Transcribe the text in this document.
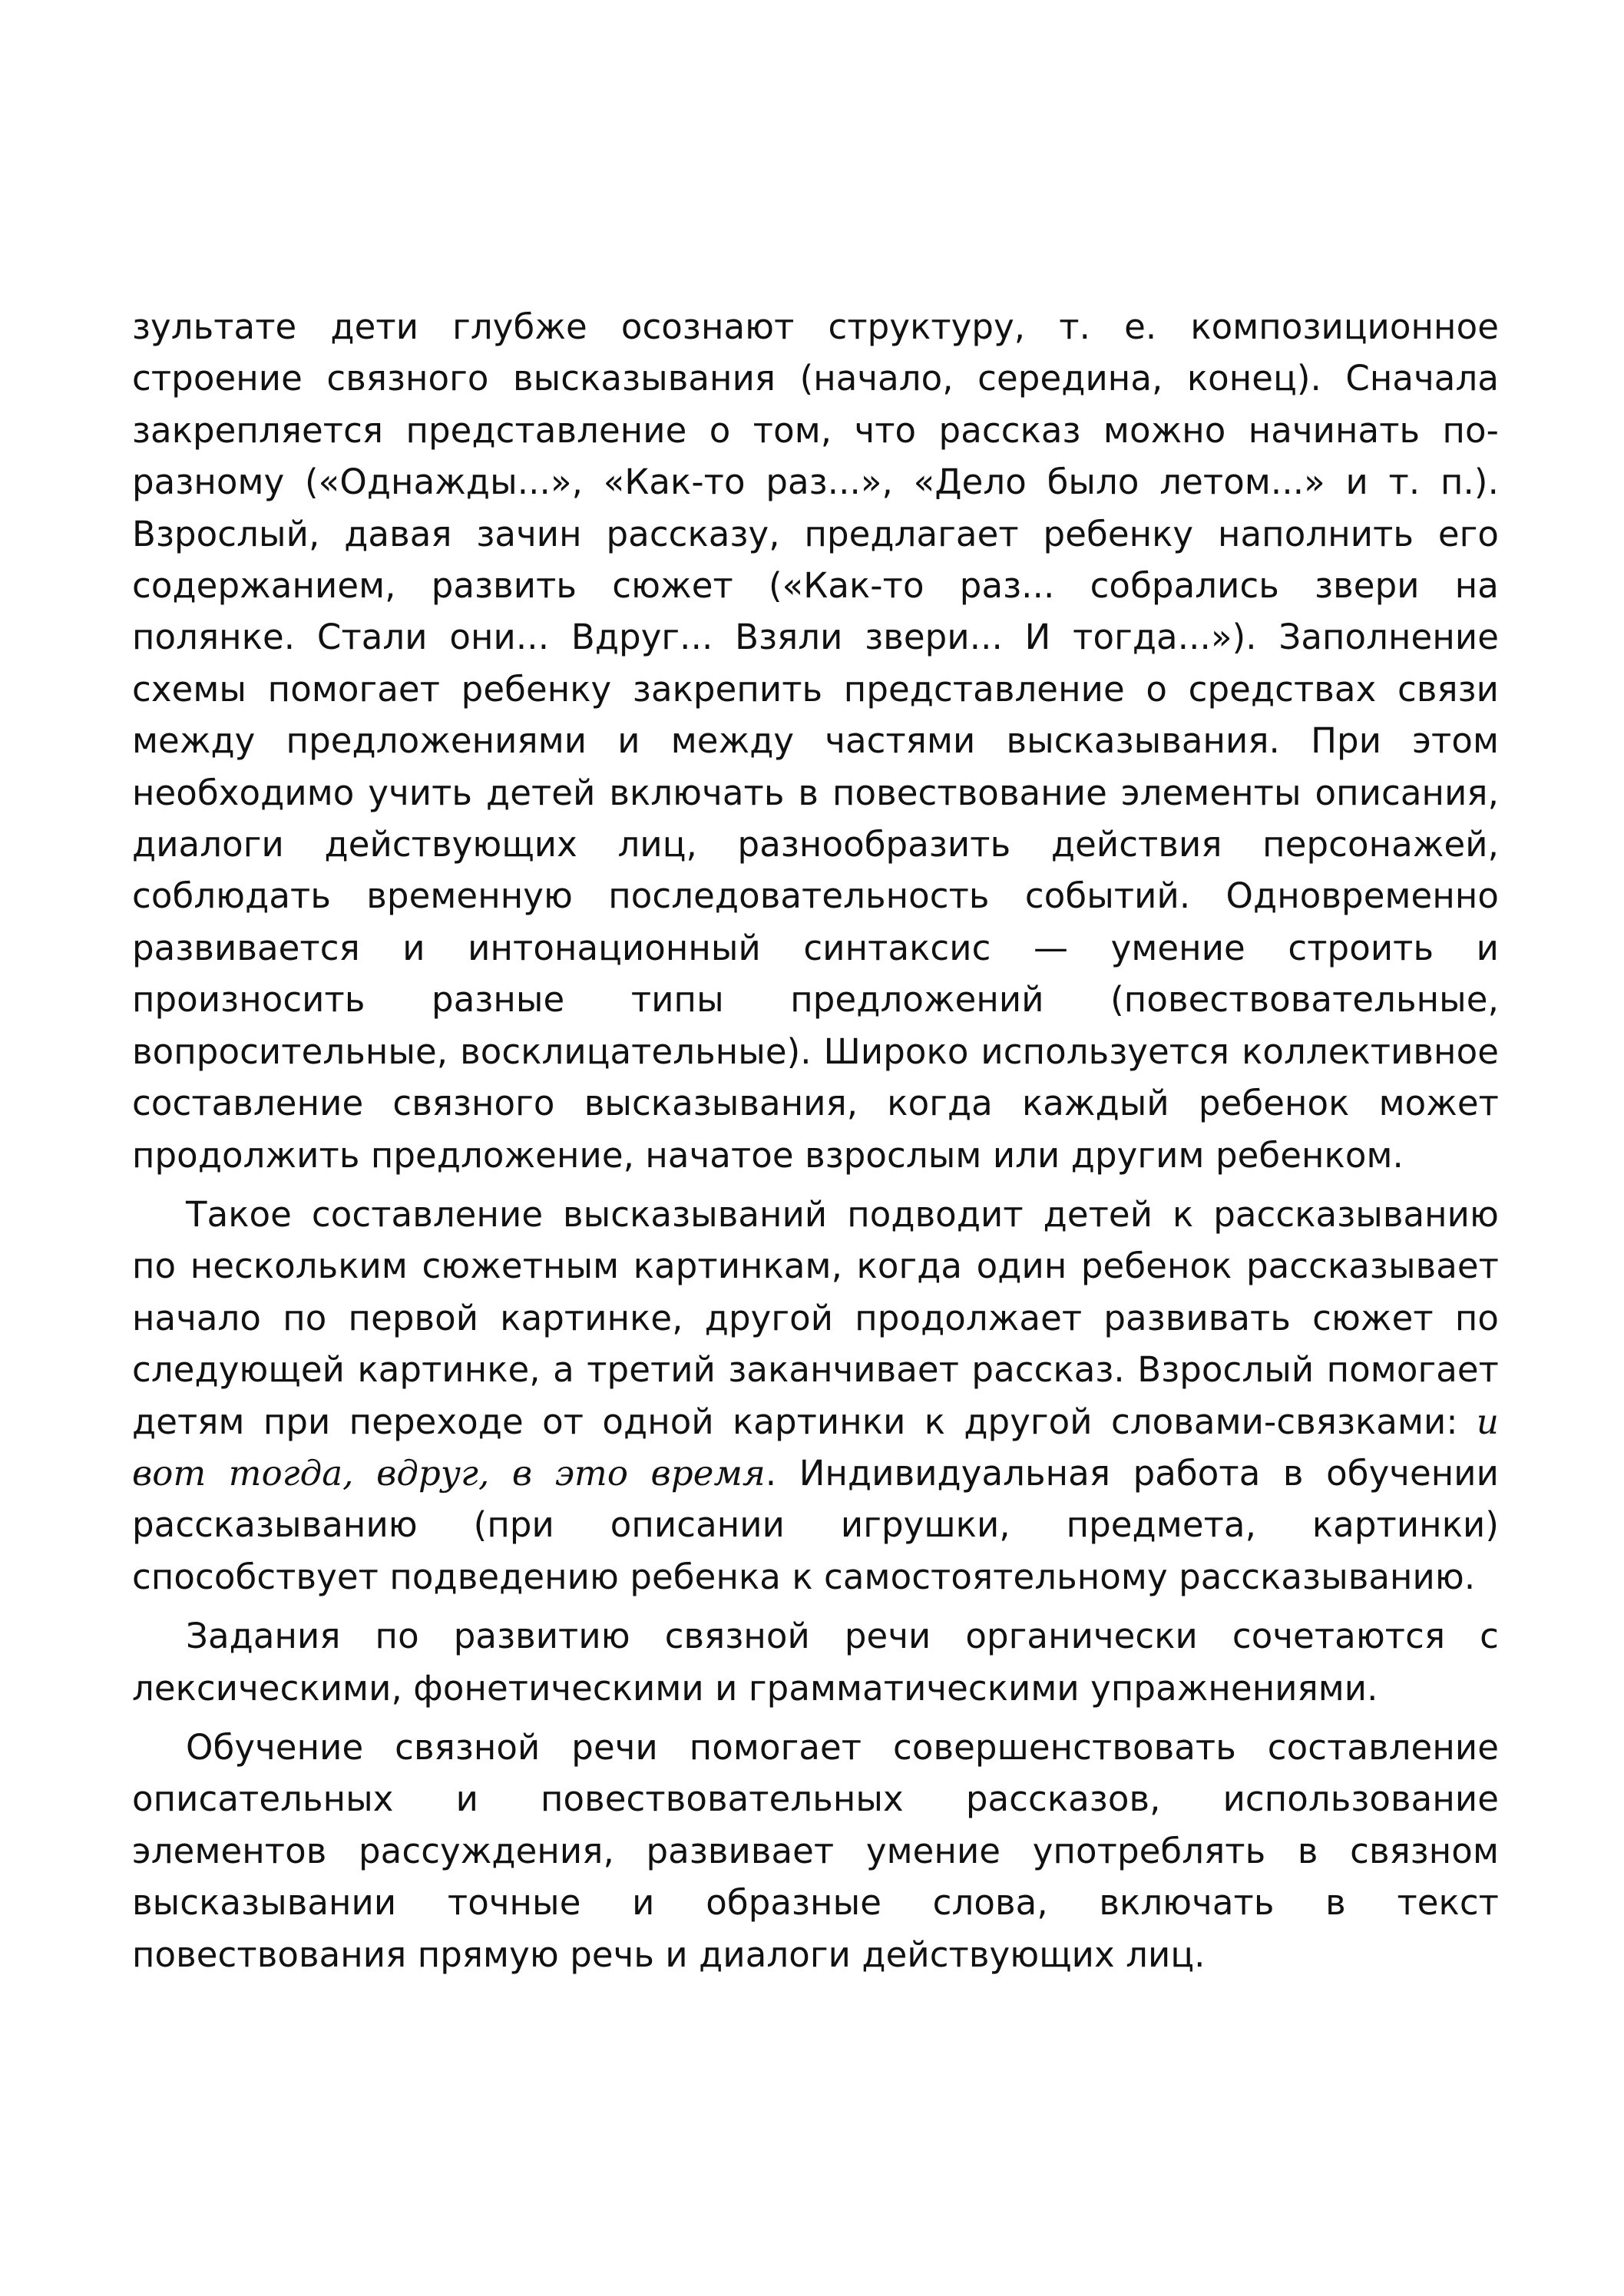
зультате дети глубже осознают структуру, т. е. композиционное строение связного высказывания (начало, середина, конец). Сначала закрепляется представление о том, что рассказ можно начинать по-разному («Однажды...», «Как-то раз...», «Дело было летом...» и т. п.). Взрослый, давая зачин рассказу, предлагает ребенку наполнить его содержанием, развить сюжет («Как-то раз... собрались звери на полянке. Стали они... Вдруг... Взяли звери... И тогда...»). Заполнение схемы помогает ребенку закрепить представление о средствах связи между предложениями и между частями высказывания. При этом необходимо учить детей включать в повествование элементы описания, диалоги действующих лиц, разнообразить действия персонажей, соблюдать временную последовательность событий. Одновременно развивается и интонационный синтаксис — умение строить и произносить разные типы предложений (повествовательные, вопросительные, восклицательные). Широко используется коллективное составление связного высказывания, когда каждый ребенок может продолжить предложение, начатое взрослым или другим ребенком.

Такое составление высказываний подводит детей к рассказыванию по нескольким сюжетным картинкам, когда один ребенок рассказывает начало по первой картинке, другой продолжает развивать сюжет по следующей картинке, а третий заканчивает рассказ. Взрослый помогает детям при переходе от одной картинки к другой словами-связками: и вот тогда, вдруг, в это время. Индивидуальная работа в обучении рассказыванию (при описании игрушки, предмета, картинки) способствует подведению ребенка к самостоятельному рассказыванию.

Задания по развитию связной речи органически сочетаются с лексическими, фонетическими и грамматическими упражнениями.

Обучение связной речи помогает совершенствовать составление описательных и повествовательных рассказов, использование элементов рассуждения, развивает умение употреблять в связном высказывании точные и образные слова, включать в текст повествования прямую речь и диалоги действующих лиц.
